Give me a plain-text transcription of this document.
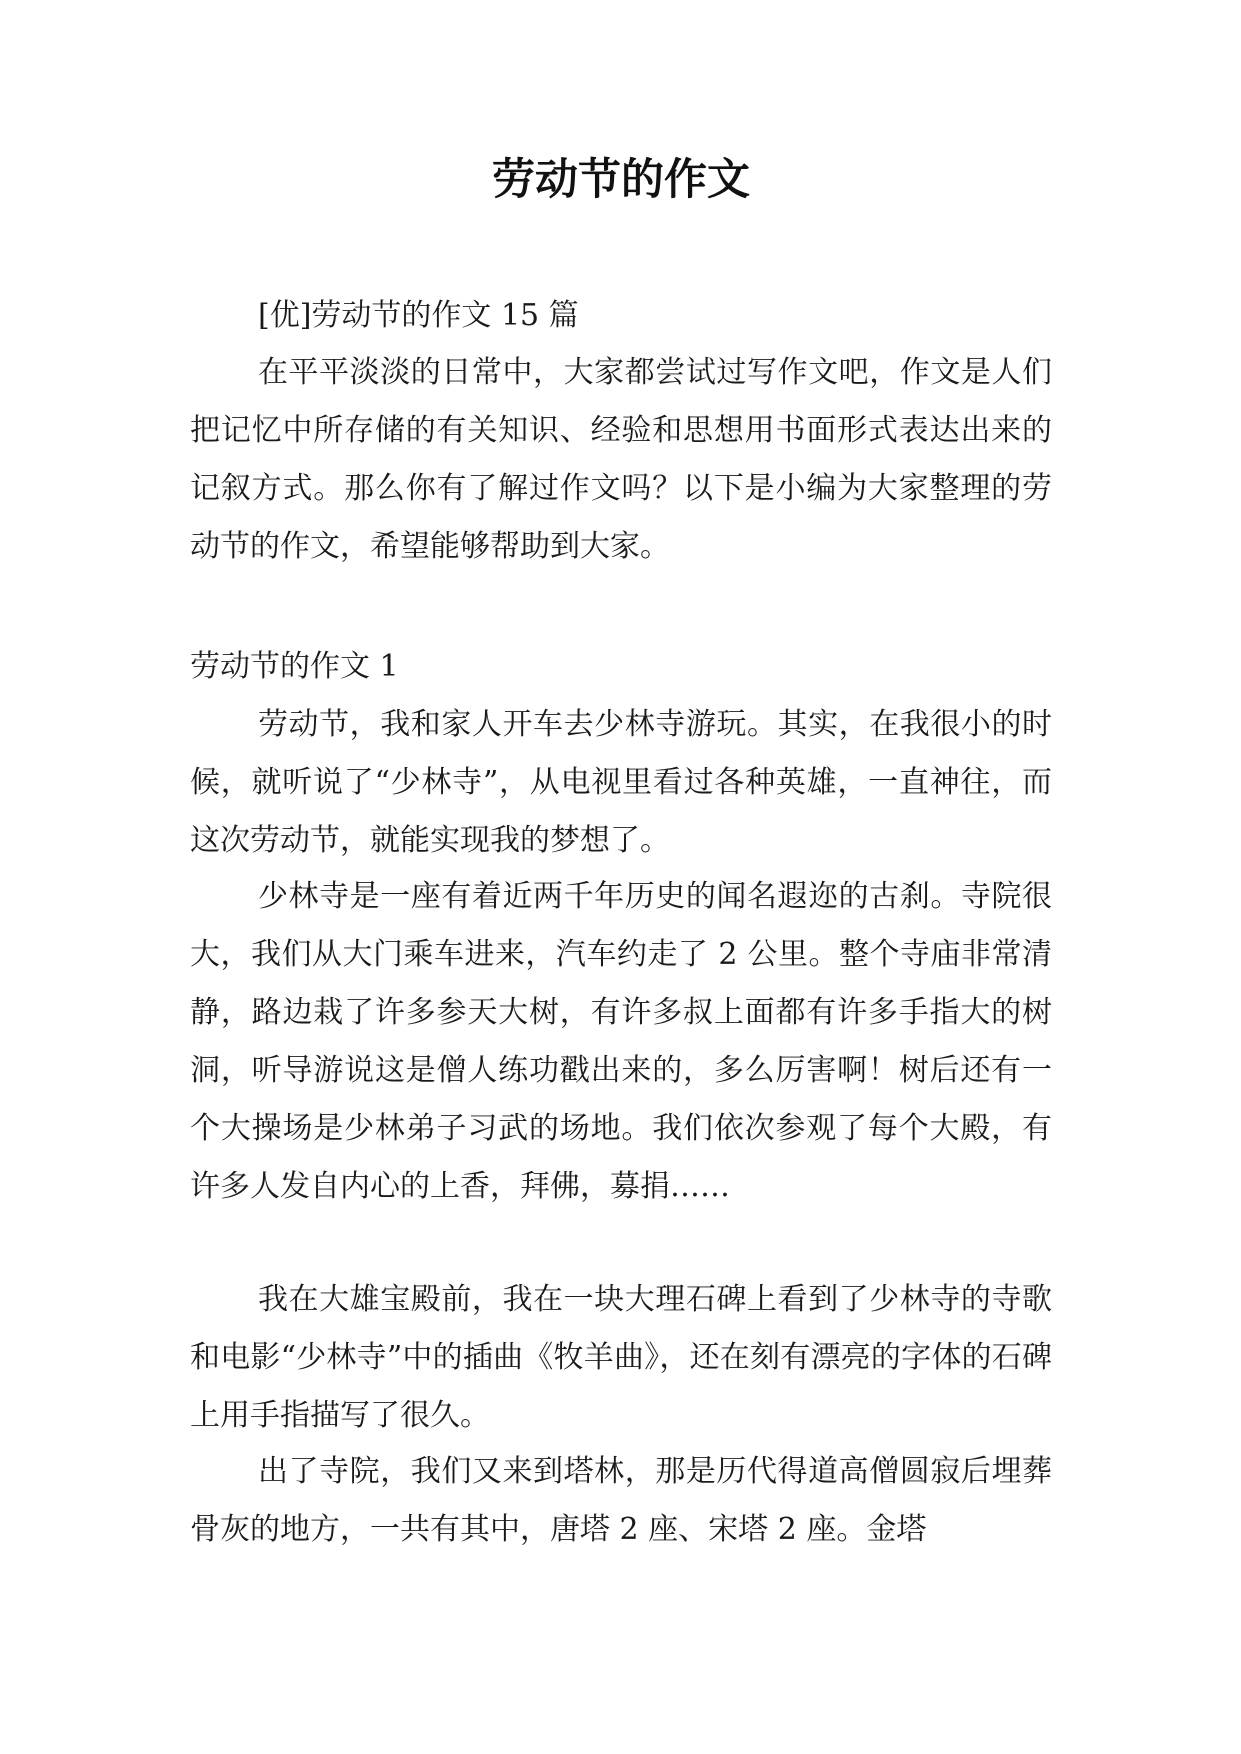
劳动节的作文

[优]劳动节的作文 15 篇

在平平淡淡的日常中，大家都尝试过写作文吧，作文是人们把记忆中所存储的有关知识、经验和思想用书面形式表达出来的记叙方式。那么你有了解过作文吗？以下是小编为大家整理的劳动节的作文，希望能够帮助到大家。

劳动节的作文 1

劳动节，我和家人开车去少林寺游玩。其实，在我很小的时候，就听说了“少林寺”，从电视里看过各种英雄，一直神往，而这次劳动节，就能实现我的梦想了。

少林寺是一座有着近两千年历史的闻名遐迩的古刹。寺院很大，我们从大门乘车进来，汽车约走了 2 公里。整个寺庙非常清静，路边栽了许多参天大树，有许多叔上面都有许多手指大的树洞，听导游说这是僧人练功戳出来的，多么厉害啊！树后还有一个大操场是少林弟子习武的场地。我们依次参观了每个大殿，有许多人发自内心的上香，拜佛，募捐……

我在大雄宝殿前，我在一块大理石碑上看到了少林寺的寺歌和电影“少林寺”中的插曲《牧羊曲》，还在刻有漂亮的字体的石碑上用手指描写了很久。

出了寺院，我们又来到塔林，那是历代得道高僧圆寂后埋葬骨灰的地方，一共有其中，唐塔 2 座、宋塔 2 座。金塔
